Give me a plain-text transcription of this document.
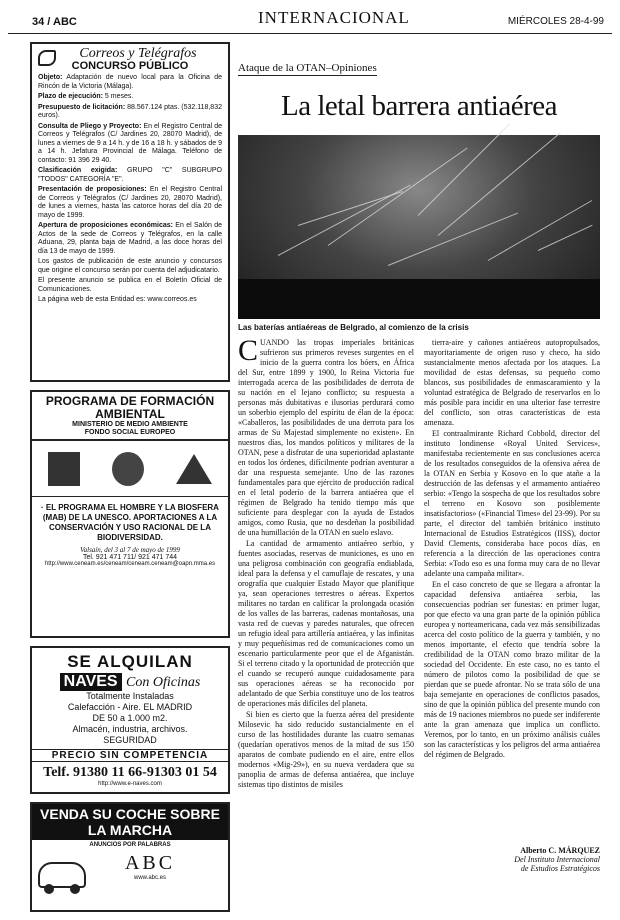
34 / ABC	INTERNACIONAL	MIÉRCOLES 28-4-99
Correos y Telégrafos
CONCURSO PÚBLICO

Objeto: Adaptación de nuevo local para la Oficina de Rincón de la Victoria (Málaga).

Plazo de ejecución: 5 meses.

Presupuesto de licitación: 88.567.124 ptas. (532.118,832 euros).

Consulta de Pliego y Proyecto: En el Registro Central de Correos y Telégrafos (C/ Jardines 20, 28070 Madrid), de lunes a viernes de 9 a 14 h. y de 16 a 18 h. y sábados de 9 a 14 h. Jefatura Provincial de Málaga. Teléfono de contacto: 91 396 29 40.

Clasificación exigida: GRUPO "C" SUBGRUPO "TODOS" CATEGORÍA "E".

Presentación de proposiciones: En el Registro Central de Correos y Telégrafos (C/ Jardines 20, 28070 Madrid), de lunes a viernes, hasta las catorce horas del día 20 de mayo de 1999.

Apertura de proposiciones económicas: En el Salón de Actos de la sede de Correos y Telégrafos, en la calle Aduana, 29, planta baja de Madrid, a las doce horas del día 13 de mayo de 1999.

Los gastos de publicación de este anuncio y concursos que origine el concurso serán por cuenta del adjudicatario.

El presente anuncio se publica en el Boletín Oficial de Comunicaciones.

La página web de esta Entidad es: www.correos.es

PROGRAMA DE FORMACIÓN AMBIENTAL
MINISTERIO DE MEDIO AMBIENTE
FONDO SOCIAL EUROPEO
· EL PROGRAMA EL HOMBRE Y LA BIOSFERA (MAB) DE LA UNESCO. APORTACIONES A LA CONSERVACIÓN Y USO RACIONAL DE LA BIODIVERSIDAD.
Valsaín, del 3 al 7 de mayo de 1999
Tel. 921 471 711/ 921 471 744
http://www.ceneam.es/ceneam/ceneam.ceneam@oapn.mma.es
SE ALQUILAN
NAVES Con Oficinas
Totalmente Instaladas
Calefacción - Aire. EL MADRID
DE 50 a 1.000 m2.
Almacén, industria, archivos.
SEGURIDAD
PRECIO SIN COMPETENCIA
Telf. 91380 11 66-91303 01 54
http://www.e-naves.com
VENDA SU COCHE SOBRE
LA MARCHA
ANUNCIOS POR PALABRAS
ABC
www.abc.es
Ataque de la OTAN–Opiniones
La letal barrera antiaérea
Las baterías antiaéreas de Belgrado, al comienzo de la crisis
C UANDO las tropas imperiales británicas sufrieron sus primeros reveses surgentes en el inicio de la guerra contra los bóers, en África del Sur, entre 1899 y 1900, lo Reina Victoria fue interrogada acerca de las posibilidades de derrota de su nación en el lejano conflicto; su respuesta a personas más dubitativas e ilusorias perdurará como un soberbio ejemplo del espíritu de élan de la época: «Caballeros, las posibilidades de una derrota para los armas de Su Majestad simplemente no existen». En nuestros días, los mandos políticos y militares de la OTAN, pese a disfrutar de una superioridad aplastante en todos los órdenes, difícilmente podrían aventurar a dar una respuesta semejante. Uno de las razones fundamentales para que ejército de producción radical en el letal poderío de la barrera antiaérea que el régimen de Belgrado ha tenido tiempo más que suficiente para desplegar con la ayuda de Estados amigos, como Rusia, que no desdeñan la posibilidad de una humillación de la OTAN en suelo eslavo.

La cantidad de armamento antiaéreo serbio, y fuentes asociadas, reservas de municiones, es uno en una peligrosa combinación con geografía endiablada, ideal para la defensa y el camuflaje de rescates, y una orografía que cualquier Estado Mayor que planifique ya, sean operaciones terrestres o aéreas. Expertos militares no tardan en calificar la prolongada ocasión de los valles de las barreras, cadenas montañosas, una vasta red de cuevas y paredes naturales, que ofrecen un refugio ideal para artillería antiaérea, y las infinitas y muy pequeñísimas red de comunicaciones como un escenario particularmente peor que el de Afganistán. Si el terreno citado y la oportunidad de protección que el cuando se recuperó aunque cuidadosamente para sus operaciones aéreas se ha reconocido por adelantado de que Serbia constituye uno de los teatros de operaciones más difíciles del planeta.

Si bien es cierto que la fuerza aérea del presidente Milosevic ha sido reducido sustancialmente en el curso de las hostilidades durante las cuatro semanas (quedarían operativos menos de la mitad de sus 150 aparatos de combate pudiendo en el aire, entre ellos modernos «Mig-29»), en su nueva verdadera que su panoplia de armas de defensa antiaérea, que incluye sistemas tipo distintos de misiles

tierra-aire y cañones antiaéreos autopropulsados, mayoritariamente de origen ruso y checo, ha sido sustancialmente menos afectada por los ataques. La movilidad de estas defensas, su pequeño como blancos, sus posibilidades de enmascaramiento y la voluntad estratégica de Belgrado de reservarlos en lo más posible para incidir en una ulterior fase terrestre del conflicto, son otras características de esta amenaza.

El contraalmirante Richard Cobbold, director del instituto londinense «Royal United Services», manifestaba recientemente en sus conclusiones acerca de los resultados conseguidos de la ofensiva aérea de la OTAN en Serbia y Kosovo en lo que atañe a la destrucción de las defensas y el armamento antiaéreo serbio: «Tengo la sospecha de que los resultados sobre el terreno en Kosovo son posiblemente insatisfactorios» («Financial Times» del 23-99). Por su parte, el director del también británico instituto Internacional de Estudios Estratégicos (IISS), doctor David Clements, consideraba hace pocos días, en referencia a la dirección de las operaciones contra Serbia: «Todo eso es una forma muy cara de no llevar adelante una campaña militar».

En el caso concreto de que se llegara a afrontar la capacidad defensiva antiaérea serbia, las consecuencias podrían ser funestas: en primer lugar, por que efecto va una gran parte de la opinión pública europea y norteamericana, cada vez más sensibilizadas acerca del costo político de la guerra y también, y no menos importante, el efecto que tendría sobre la credibilidad de la OTAN como brazo militar de la sociedad del Occidente. En este caso, no es tanto el número de pilotos como la posibilidad de que se pierdan que se puede afrontar. No se trata sólo de una baja semejante en operaciones de conflictos pasados, sino de que la opinión pública del presente mundo con más de 19 naciones miembros no puede ser indiferente ante la gran amenaza que implica un conflicto. Veremos, por lo tanto, en un próximo análisis cuáles son las características y los peligros del arma antiaérea del régimen de Belgrado.

Alberto C. MÁRQUEZ
Del Instituto Internacional
de Estudios Estratégicos
